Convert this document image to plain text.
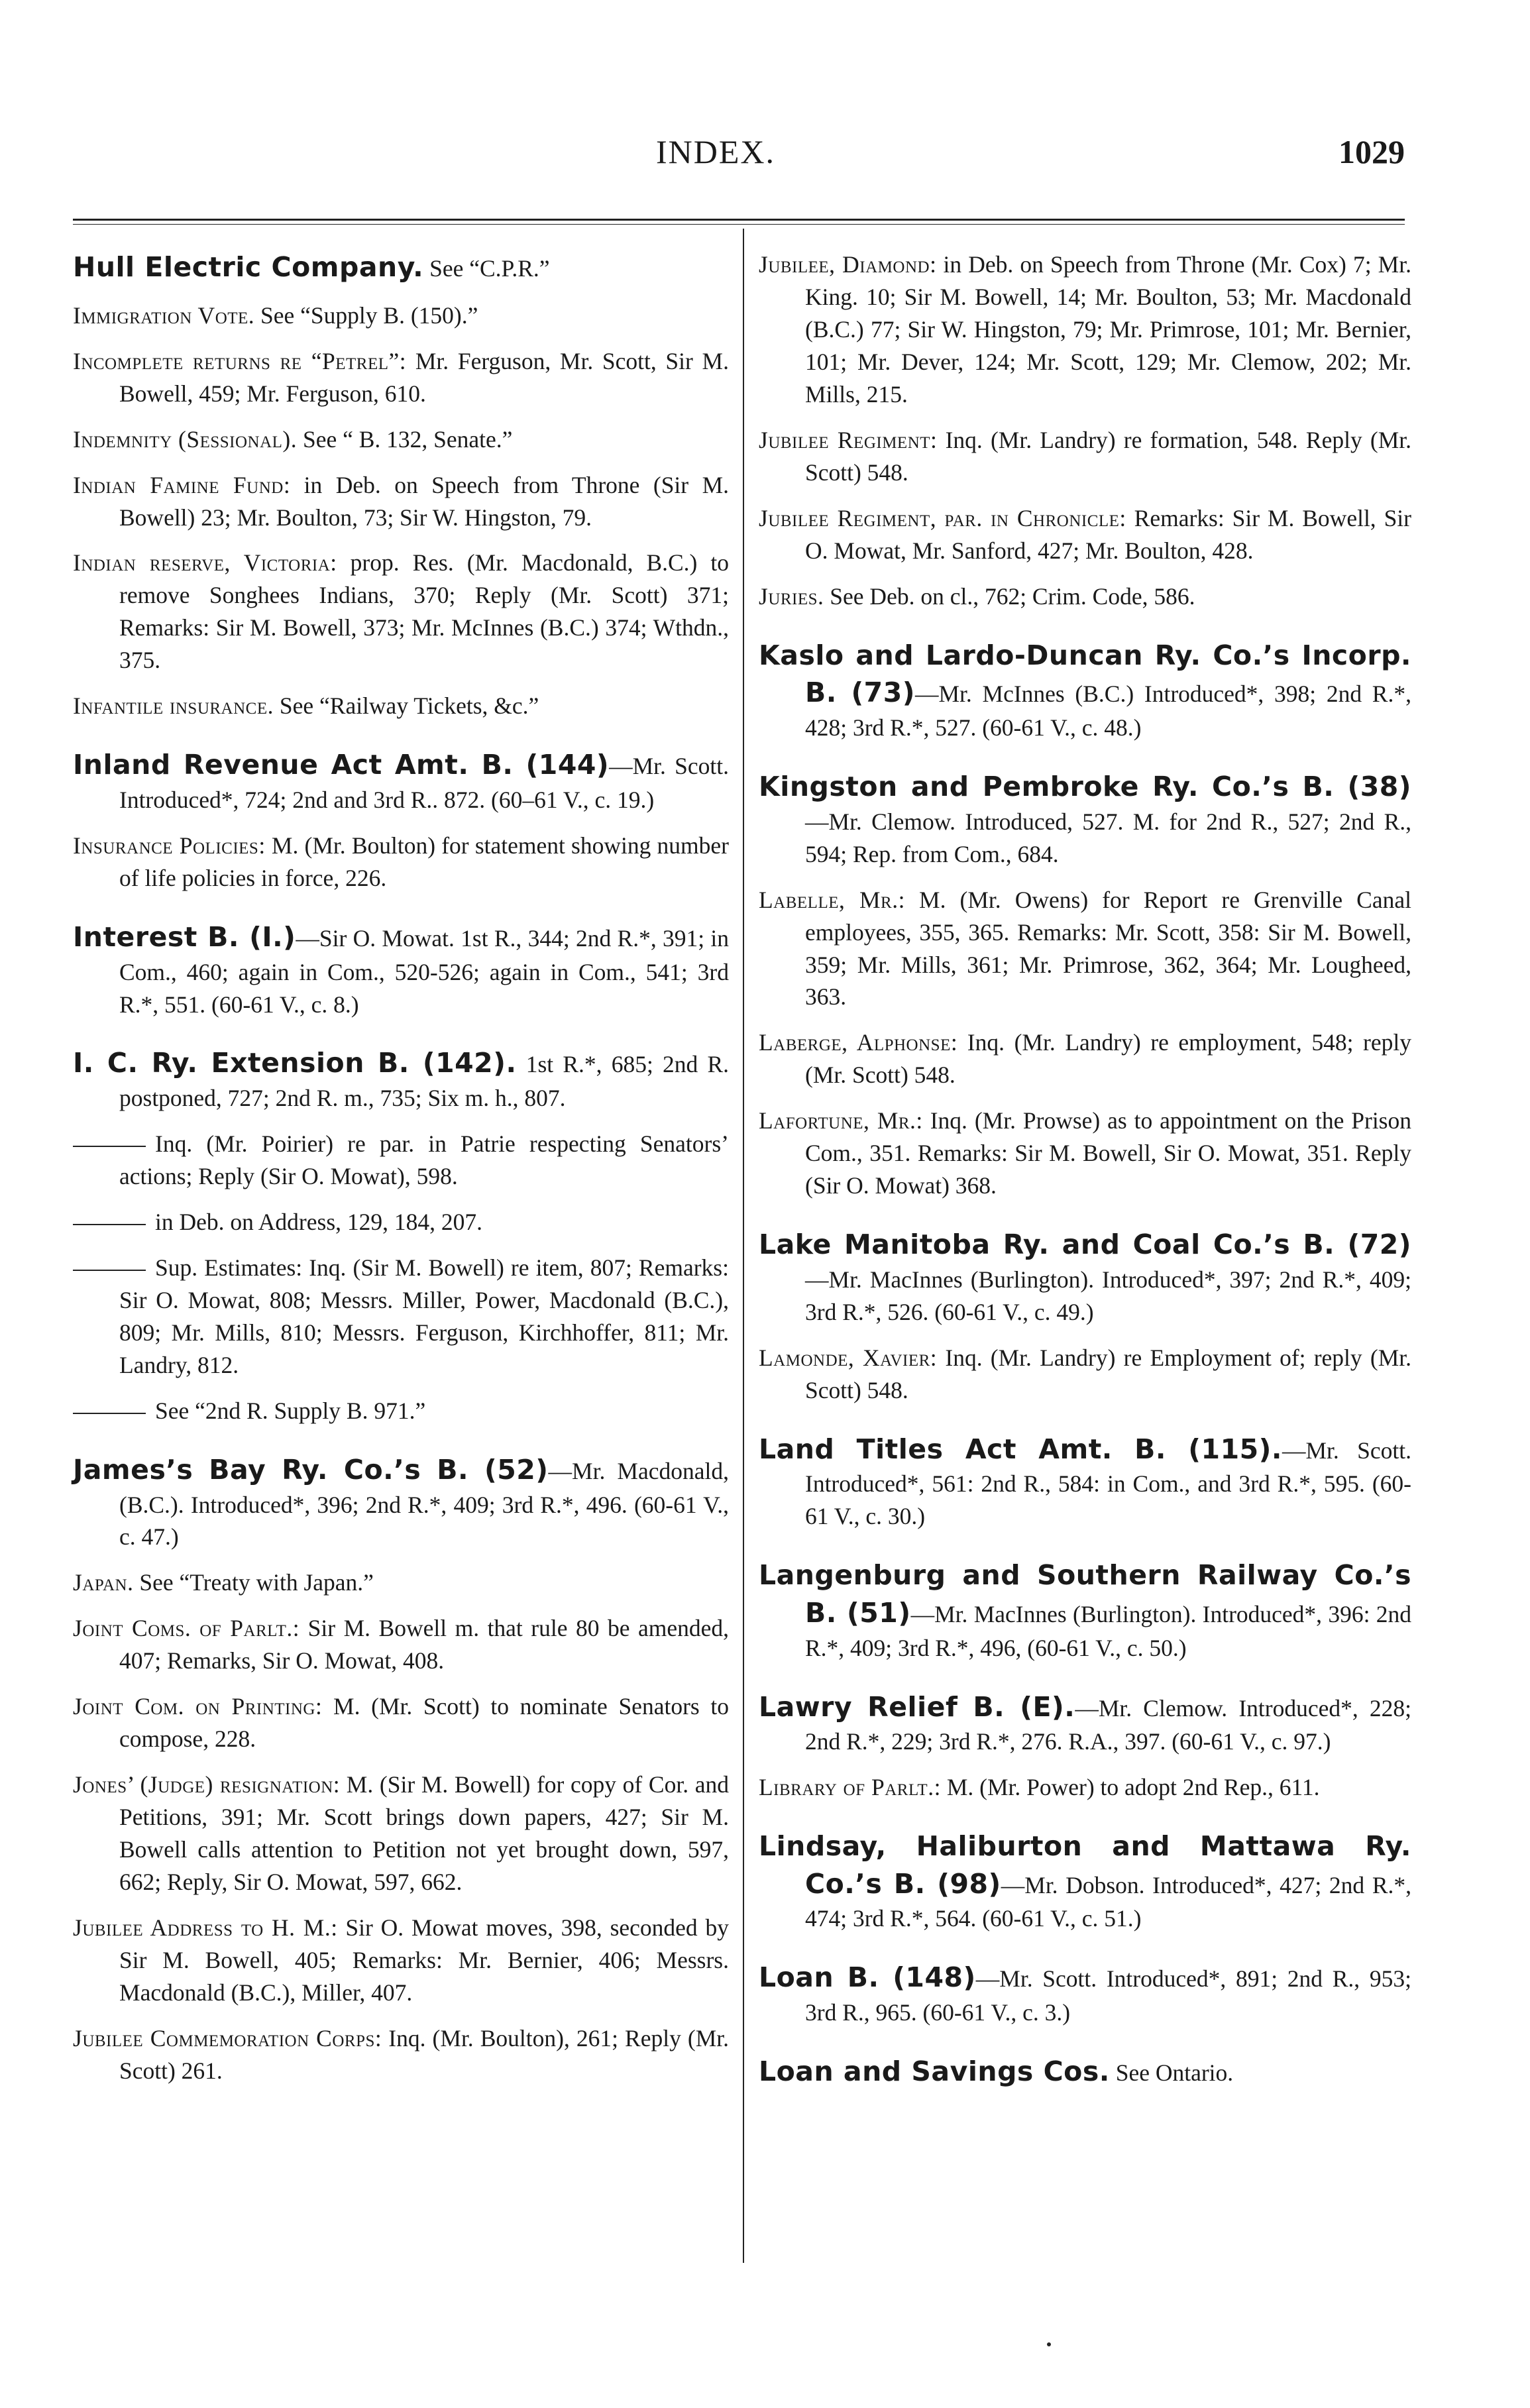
INDEX.	1029

Hull Electric Company. See “C.P.R.”

Immigration Vote. See “Supply B. (150).”

Incomplete returns re “Petrel”: Mr. Ferguson, Mr. Scott, Sir M. Bowell, 459; Mr. Ferguson, 610.

Indemnity (Sessional). See “ B. 132, Senate.”

Indian Famine Fund: in Deb. on Speech from Throne (Sir M. Bowell) 23; Mr. Boulton, 73; Sir W. Hingston, 79.

Indian reserve, Victoria: prop. Res. (Mr. Macdonald, B.C.) to remove Songhees Indians, 370; Reply (Mr. Scott) 371; Remarks: Sir M. Bowell, 373; Mr. McInnes (B.C.) 374; Wthdn., 375.

Infantile insurance. See “Railway Tickets, &c.”

Inland Revenue Act Amt. B. (144)—Mr. Scott. Introduced*, 724; 2nd and 3rd R.. 872. (60–61 V., c. 19.)

Insurance Policies: M. (Mr. Boulton) for statement showing number of life policies in force, 226.

Interest B. (I.)—Sir O. Mowat. 1st R., 344; 2nd R.*, 391; in Com., 460; again in Com., 520-526; again in Com., 541; 3rd R.*, 551. (60-61 V., c. 8.)

I. C. Ry. Extension B. (142). 1st R.*, 685; 2nd R. postponed, 727; 2nd R. m., 735; Six m. h., 807.

Inq. (Mr. Poirier) re par. in Patrie respecting Senators’ actions; Reply (Sir O. Mowat), 598.

in Deb. on Address, 129, 184, 207.

Sup. Estimates: Inq. (Sir M. Bowell) re item, 807; Remarks: Sir O. Mowat, 808; Messrs. Miller, Power, Macdonald (B.C.), 809; Mr. Mills, 810; Messrs. Ferguson, Kirchhoffer, 811; Mr. Landry, 812.

See “2nd R. Supply B. 971.”

James’s Bay Ry. Co.’s B. (52)—Mr. Macdonald, (B.C.). Introduced*, 396; 2nd R.*, 409; 3rd R.*, 496. (60-61 V., c. 47.)

Japan. See “Treaty with Japan.”

Joint Coms. of Parlt.: Sir M. Bowell m. that rule 80 be amended, 407; Remarks, Sir O. Mowat, 408.

Joint Com. on Printing: M. (Mr. Scott) to nominate Senators to compose, 228.

Jones’ (Judge) resignation: M. (Sir M. Bowell) for copy of Cor. and Petitions, 391; Mr. Scott brings down papers, 427; Sir M. Bowell calls attention to Petition not yet brought down, 597, 662; Reply, Sir O. Mowat, 597, 662.

Jubilee Address to H. M.: Sir O. Mowat moves, 398, seconded by Sir M. Bowell, 405; Remarks: Mr. Bernier, 406; Messrs. Macdonald (B.C.), Miller, 407.

Jubilee Commemoration Corps: Inq. (Mr. Boulton), 261; Reply (Mr. Scott) 261.

Jubilee, Diamond: in Deb. on Speech from Throne (Mr. Cox) 7; Mr. King. 10; Sir M. Bowell, 14; Mr. Boulton, 53; Mr. Macdonald (B.C.) 77; Sir W. Hingston, 79; Mr. Primrose, 101; Mr. Bernier, 101; Mr. Dever, 124; Mr. Scott, 129; Mr. Clemow, 202; Mr. Mills, 215.

Jubilee Regiment: Inq. (Mr. Landry) re formation, 548. Reply (Mr. Scott) 548.

Jubilee Regiment, par. in Chronicle: Remarks: Sir M. Bowell, Sir O. Mowat, Mr. Sanford, 427; Mr. Boulton, 428.

Juries. See Deb. on cl., 762; Crim. Code, 586.

Kaslo and Lardo-Duncan Ry. Co.’s Incorp. B. (73)—Mr. McInnes (B.C.) Introduced*, 398; 2nd R.*, 428; 3rd R.*, 527. (60-61 V., c. 48.)

Kingston and Pembroke Ry. Co.’s B. (38)—Mr. Clemow. Introduced, 527. M. for 2nd R., 527; 2nd R., 594; Rep. from Com., 684.

Labelle, Mr.: M. (Mr. Owens) for Report re Grenville Canal employees, 355, 365. Remarks: Mr. Scott, 358: Sir M. Bowell, 359; Mr. Mills, 361; Mr. Primrose, 362, 364; Mr. Lougheed, 363.

Laberge, Alphonse: Inq. (Mr. Landry) re employment, 548; reply (Mr. Scott) 548.

Lafortune, Mr.: Inq. (Mr. Prowse) as to appointment on the Prison Com., 351. Remarks: Sir M. Bowell, Sir O. Mowat, 351. Reply (Sir O. Mowat) 368.

Lake Manitoba Ry. and Coal Co.’s B. (72)—Mr. MacInnes (Burlington). Introduced*, 397; 2nd R.*, 409; 3rd R.*, 526. (60-61 V., c. 49.)

Lamonde, Xavier: Inq. (Mr. Landry) re Employment of; reply (Mr. Scott) 548.

Land Titles Act Amt. B. (115).—Mr. Scott. Introduced*, 561: 2nd R., 584: in Com., and 3rd R.*, 595. (60-61 V., c. 30.)

Langenburg and Southern Railway Co.’s B. (51)—Mr. MacInnes (Burlington). Introduced*, 396: 2nd R.*, 409; 3rd R.*, 496, (60-61 V., c. 50.)

Lawry Relief B. (E).—Mr. Clemow. Introduced*, 228; 2nd R.*, 229; 3rd R.*, 276. R.A., 397. (60-61 V., c. 97.)

Library of Parlt.: M. (Mr. Power) to adopt 2nd Rep., 611.

Lindsay, Haliburton and Mattawa Ry. Co.’s B. (98)—Mr. Dobson. Introduced*, 427; 2nd R.*, 474; 3rd R.*, 564. (60-61 V., c. 51.)

Loan B. (148)—Mr. Scott. Introduced*, 891; 2nd R., 953; 3rd R., 965. (60-61 V., c. 3.)

Loan and Savings Cos. See Ontario.
